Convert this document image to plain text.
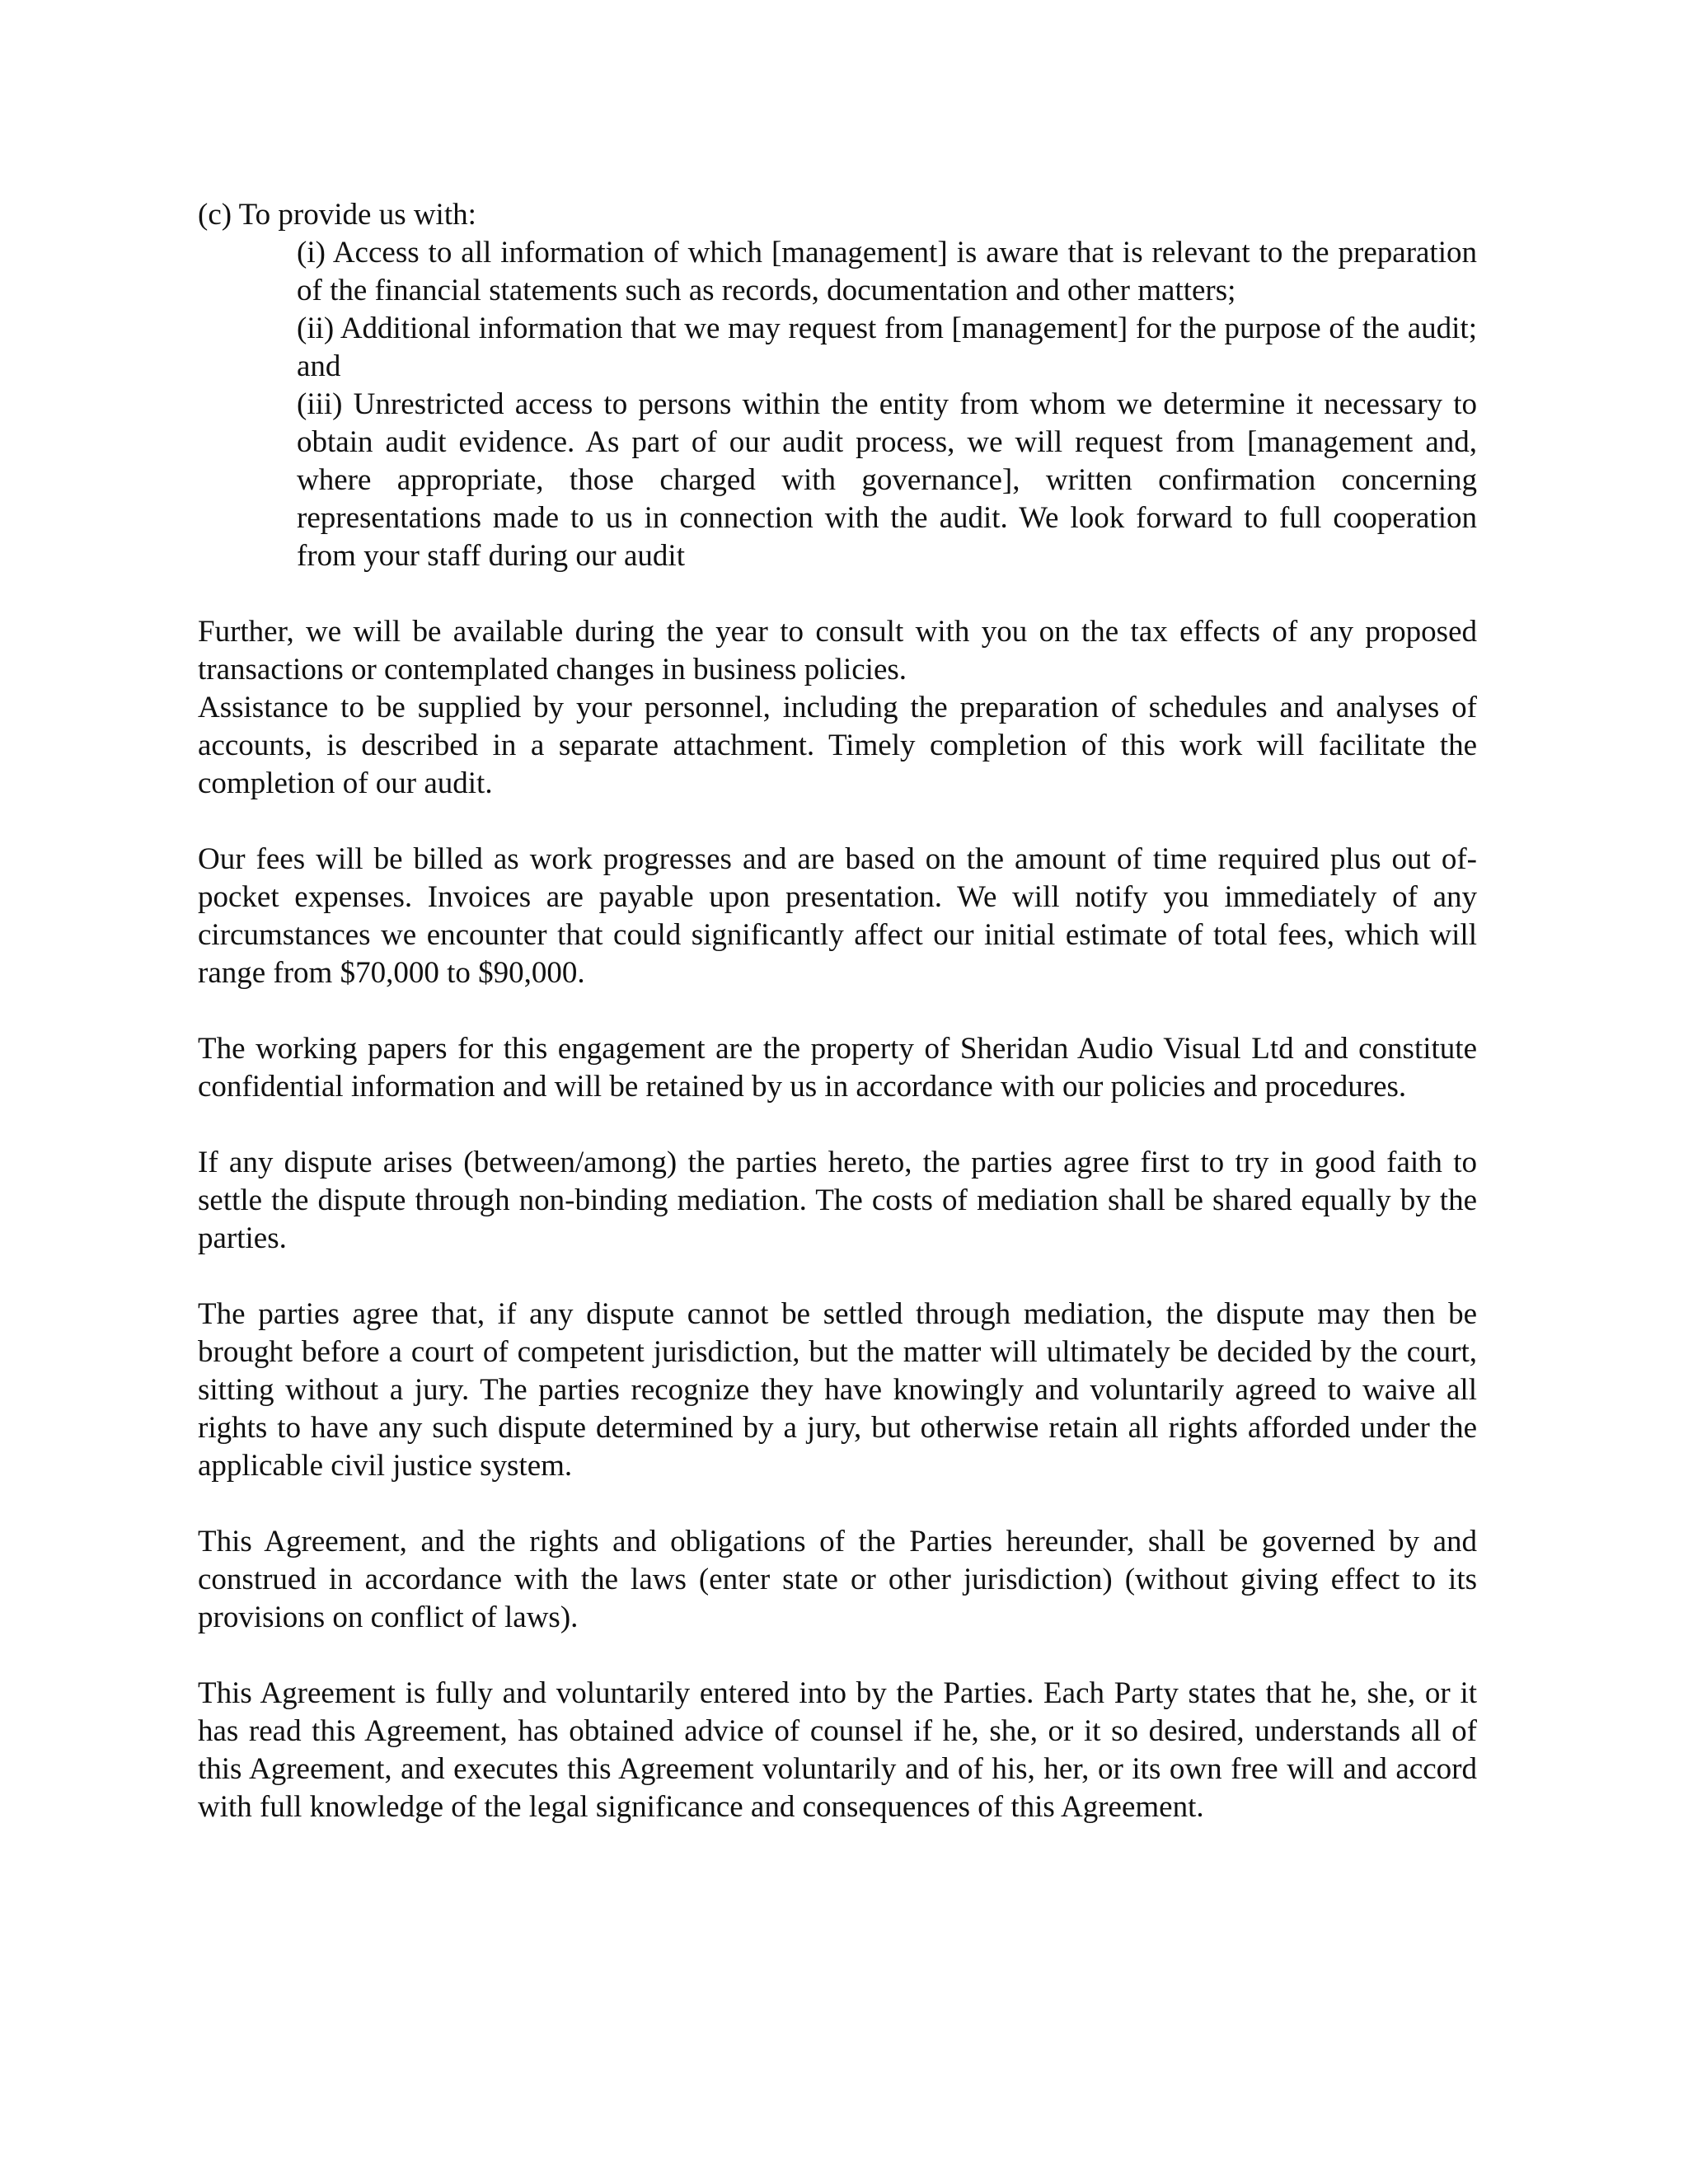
(c) To provide us with:

(i) Access to all information of which [management] is aware that is relevant to the preparation of the financial statements such as records, documentation and other matters;

(ii) Additional information that we may request from [management] for the purpose of the audit; and

(iii) Unrestricted access to persons within the entity from whom we determine it necessary to obtain audit evidence. As part of our audit process, we will request from [management and, where appropriate, those charged with governance], written confirmation concerning representations made to us in connection with the audit. We look forward to full cooperation from your staff during our audit

Further, we will be available during the year to consult with you on the tax effects of any proposed transactions or contemplated changes in business policies.

Assistance to be supplied by your personnel, including the preparation of schedules and analyses of accounts, is described in a separate attachment. Timely completion of this work will facilitate the completion of our audit.

Our fees will be billed as work progresses and are based on the amount of time required plus out of-pocket expenses. Invoices are payable upon presentation. We will notify you immediately of any circumstances we encounter that could significantly affect our initial estimate of total fees, which will range from $70,000 to $90,000.

The working papers for this engagement are the property of Sheridan Audio Visual Ltd and constitute confidential information and will be retained by us in accordance with our policies and procedures.

If any dispute arises (between/among) the parties hereto, the parties agree first to try in good faith to settle the dispute through non-binding mediation. The costs of mediation shall be shared equally by the parties.

The parties agree that, if any dispute cannot be settled through mediation, the dispute may then be brought before a court of competent jurisdiction, but the matter will ultimately be decided by the court, sitting without a jury. The parties recognize they have knowingly and voluntarily agreed to waive all rights to have any such dispute determined by a jury, but otherwise retain all rights afforded under the applicable civil justice system.

This Agreement, and the rights and obligations of the Parties hereunder, shall be governed by and construed in accordance with the laws (enter state or other jurisdiction) (without giving effect to its provisions on conflict of laws).

This Agreement is fully and voluntarily entered into by the Parties. Each Party states that he, she, or it has read this Agreement, has obtained advice of counsel if he, she, or it so desired, understands all of this Agreement, and executes this Agreement voluntarily and of his, her, or its own free will and accord with full knowledge of the legal significance and consequences of this Agreement.
